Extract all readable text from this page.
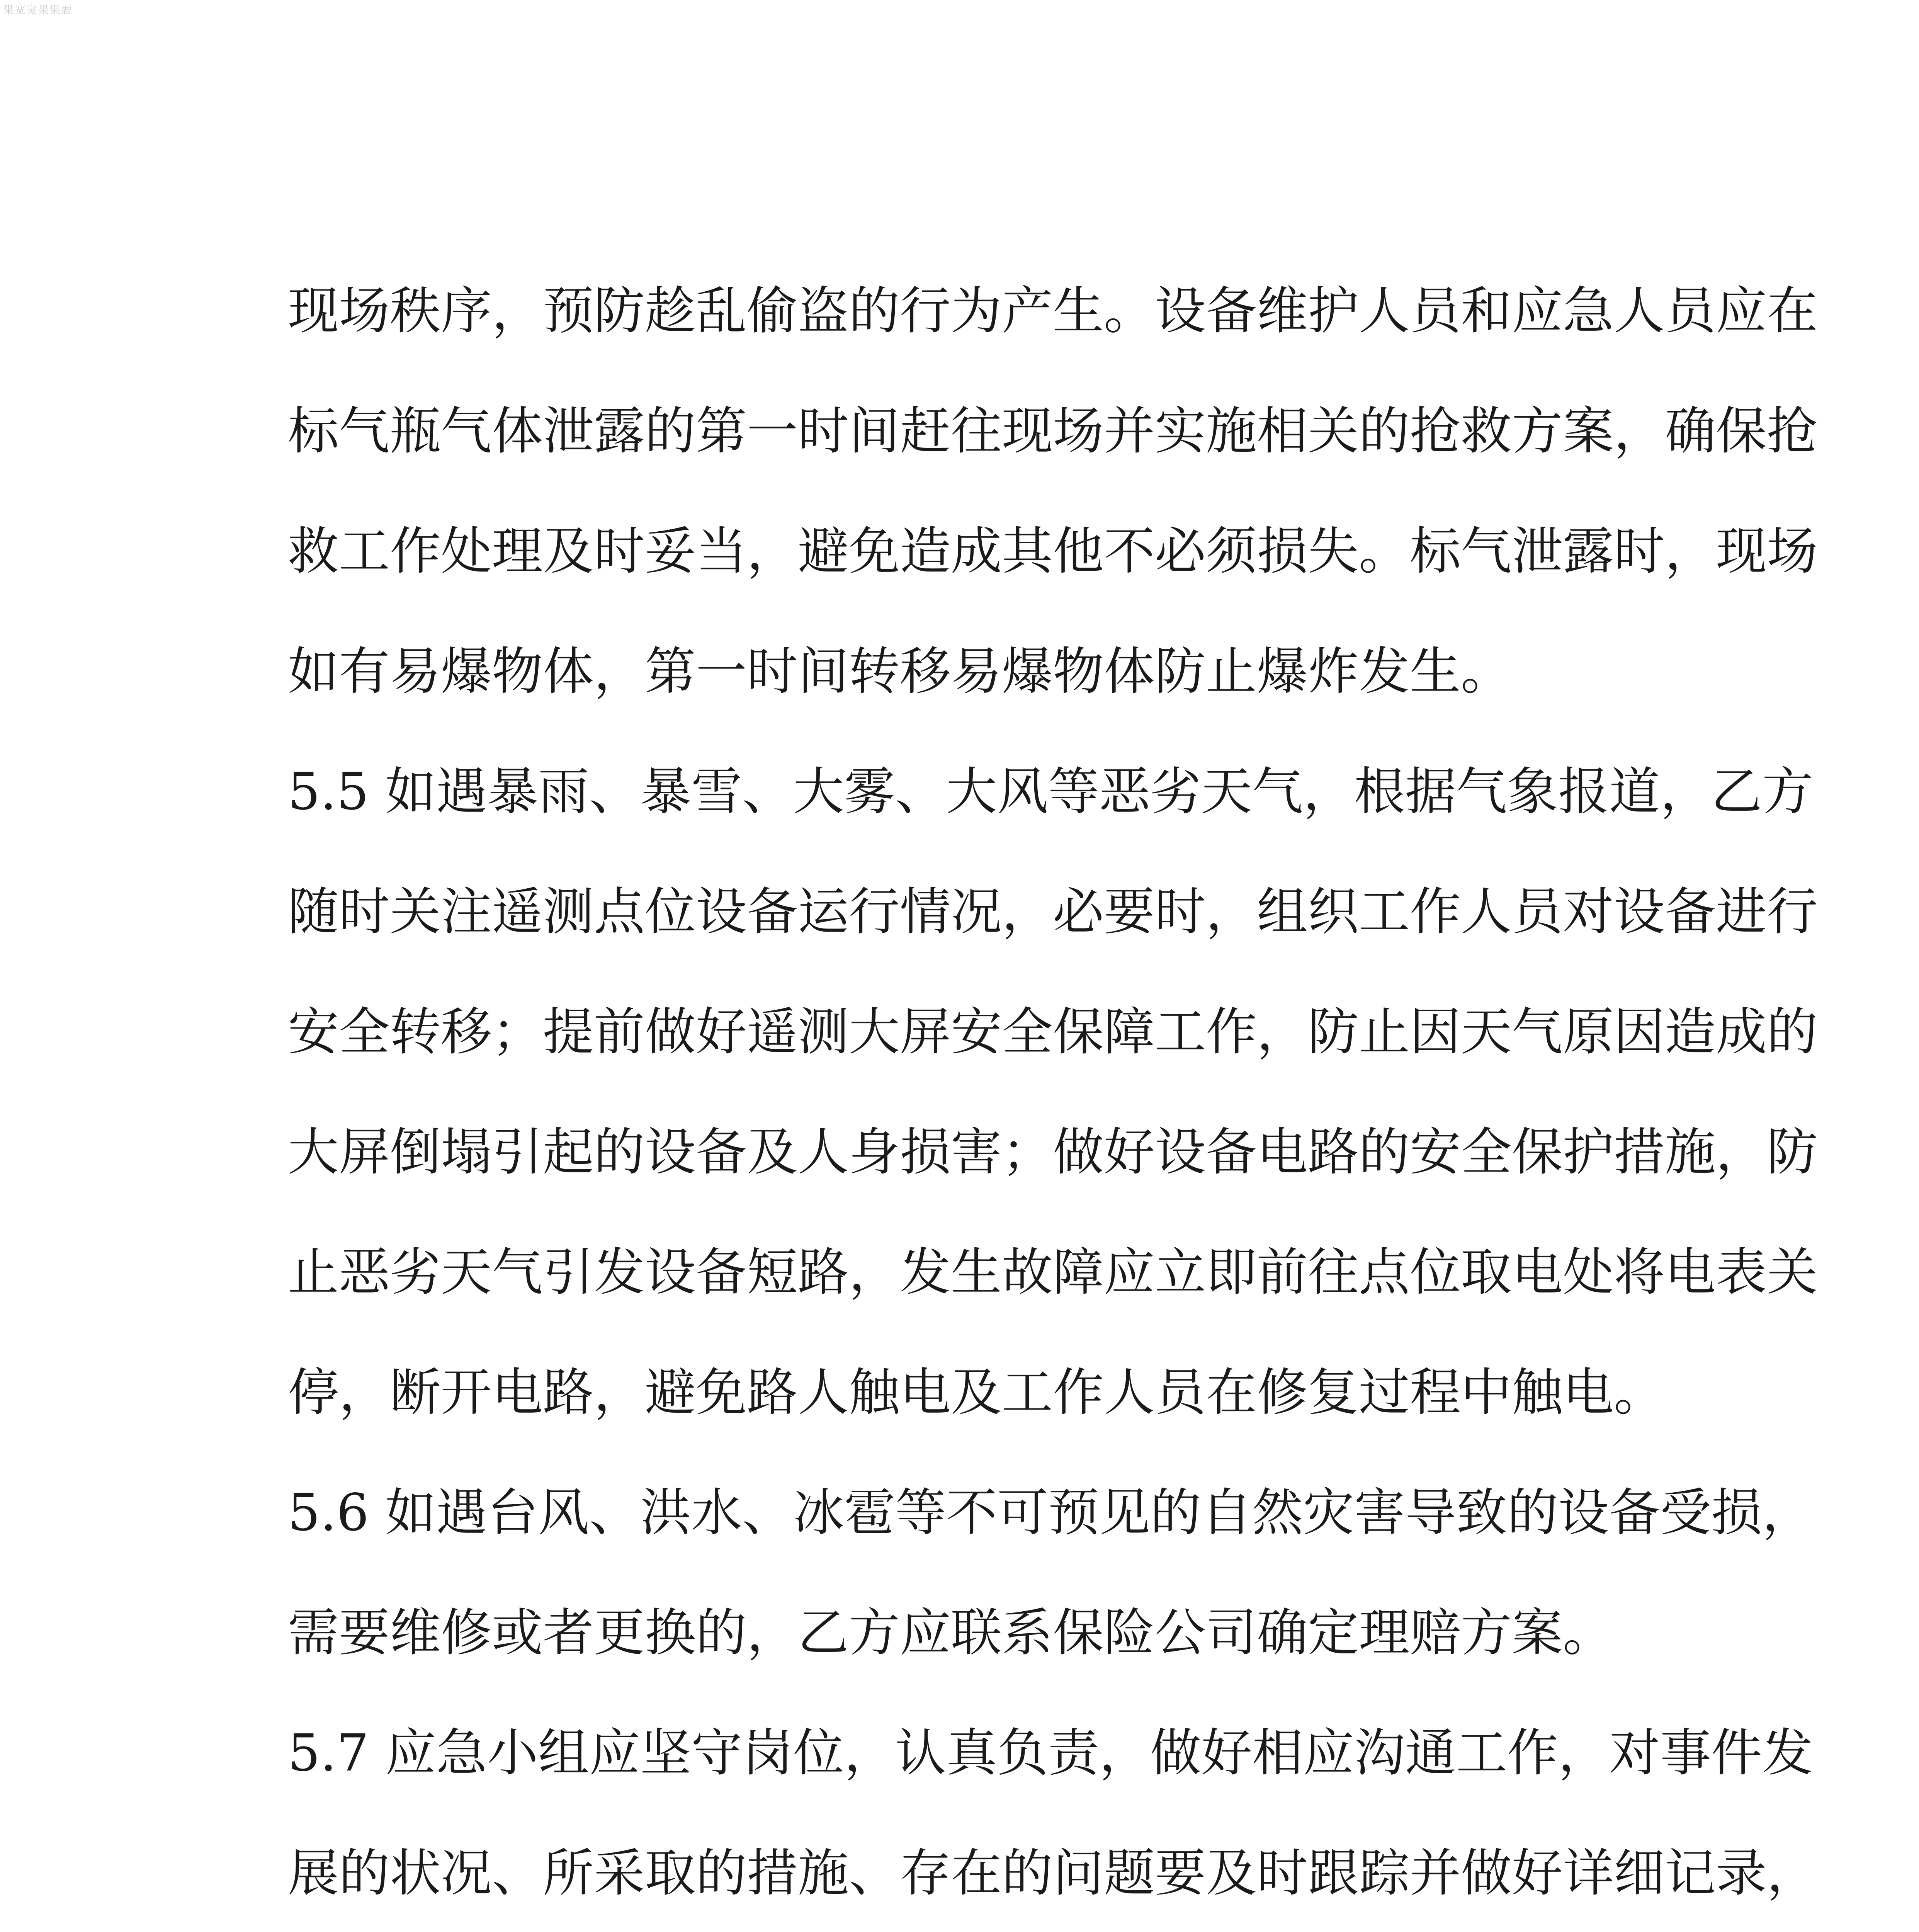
果宽宽果果鹿
现场秩序，预防趁乱偷盗的行为产生。设备维护人员和应急人员应在
标气瓶气体泄露的第一时间赶往现场并实施相关的抢救方案，确保抢
救工作处理及时妥当，避免造成其他不必须损失。标气泄露时，现场
如有易爆物体，第一时间转移易爆物体防止爆炸发生。
5.5 如遇暴雨、暴雪、大雾、大风等恶劣天气，根据气象报道，乙方
随时关注遥测点位设备运行情况，必要时，组织工作人员对设备进行
安全转移；提前做好遥测大屏安全保障工作，防止因天气原因造成的
大屏倒塌引起的设备及人身损害；做好设备电路的安全保护措施，防
止恶劣天气引发设备短路，发生故障应立即前往点位取电处将电表关
停，断开电路，避免路人触电及工作人员在修复过程中触电。
5.6 如遇台风、洪水、冰雹等不可预见的自然灾害导致的设备受损，
需要维修或者更换的，乙方应联系保险公司确定理赔方案。
5.7 应急小组应坚守岗位，认真负责，做好相应沟通工作，对事件发
展的状况、所采取的措施、存在的问题要及时跟踪并做好详细记录，
